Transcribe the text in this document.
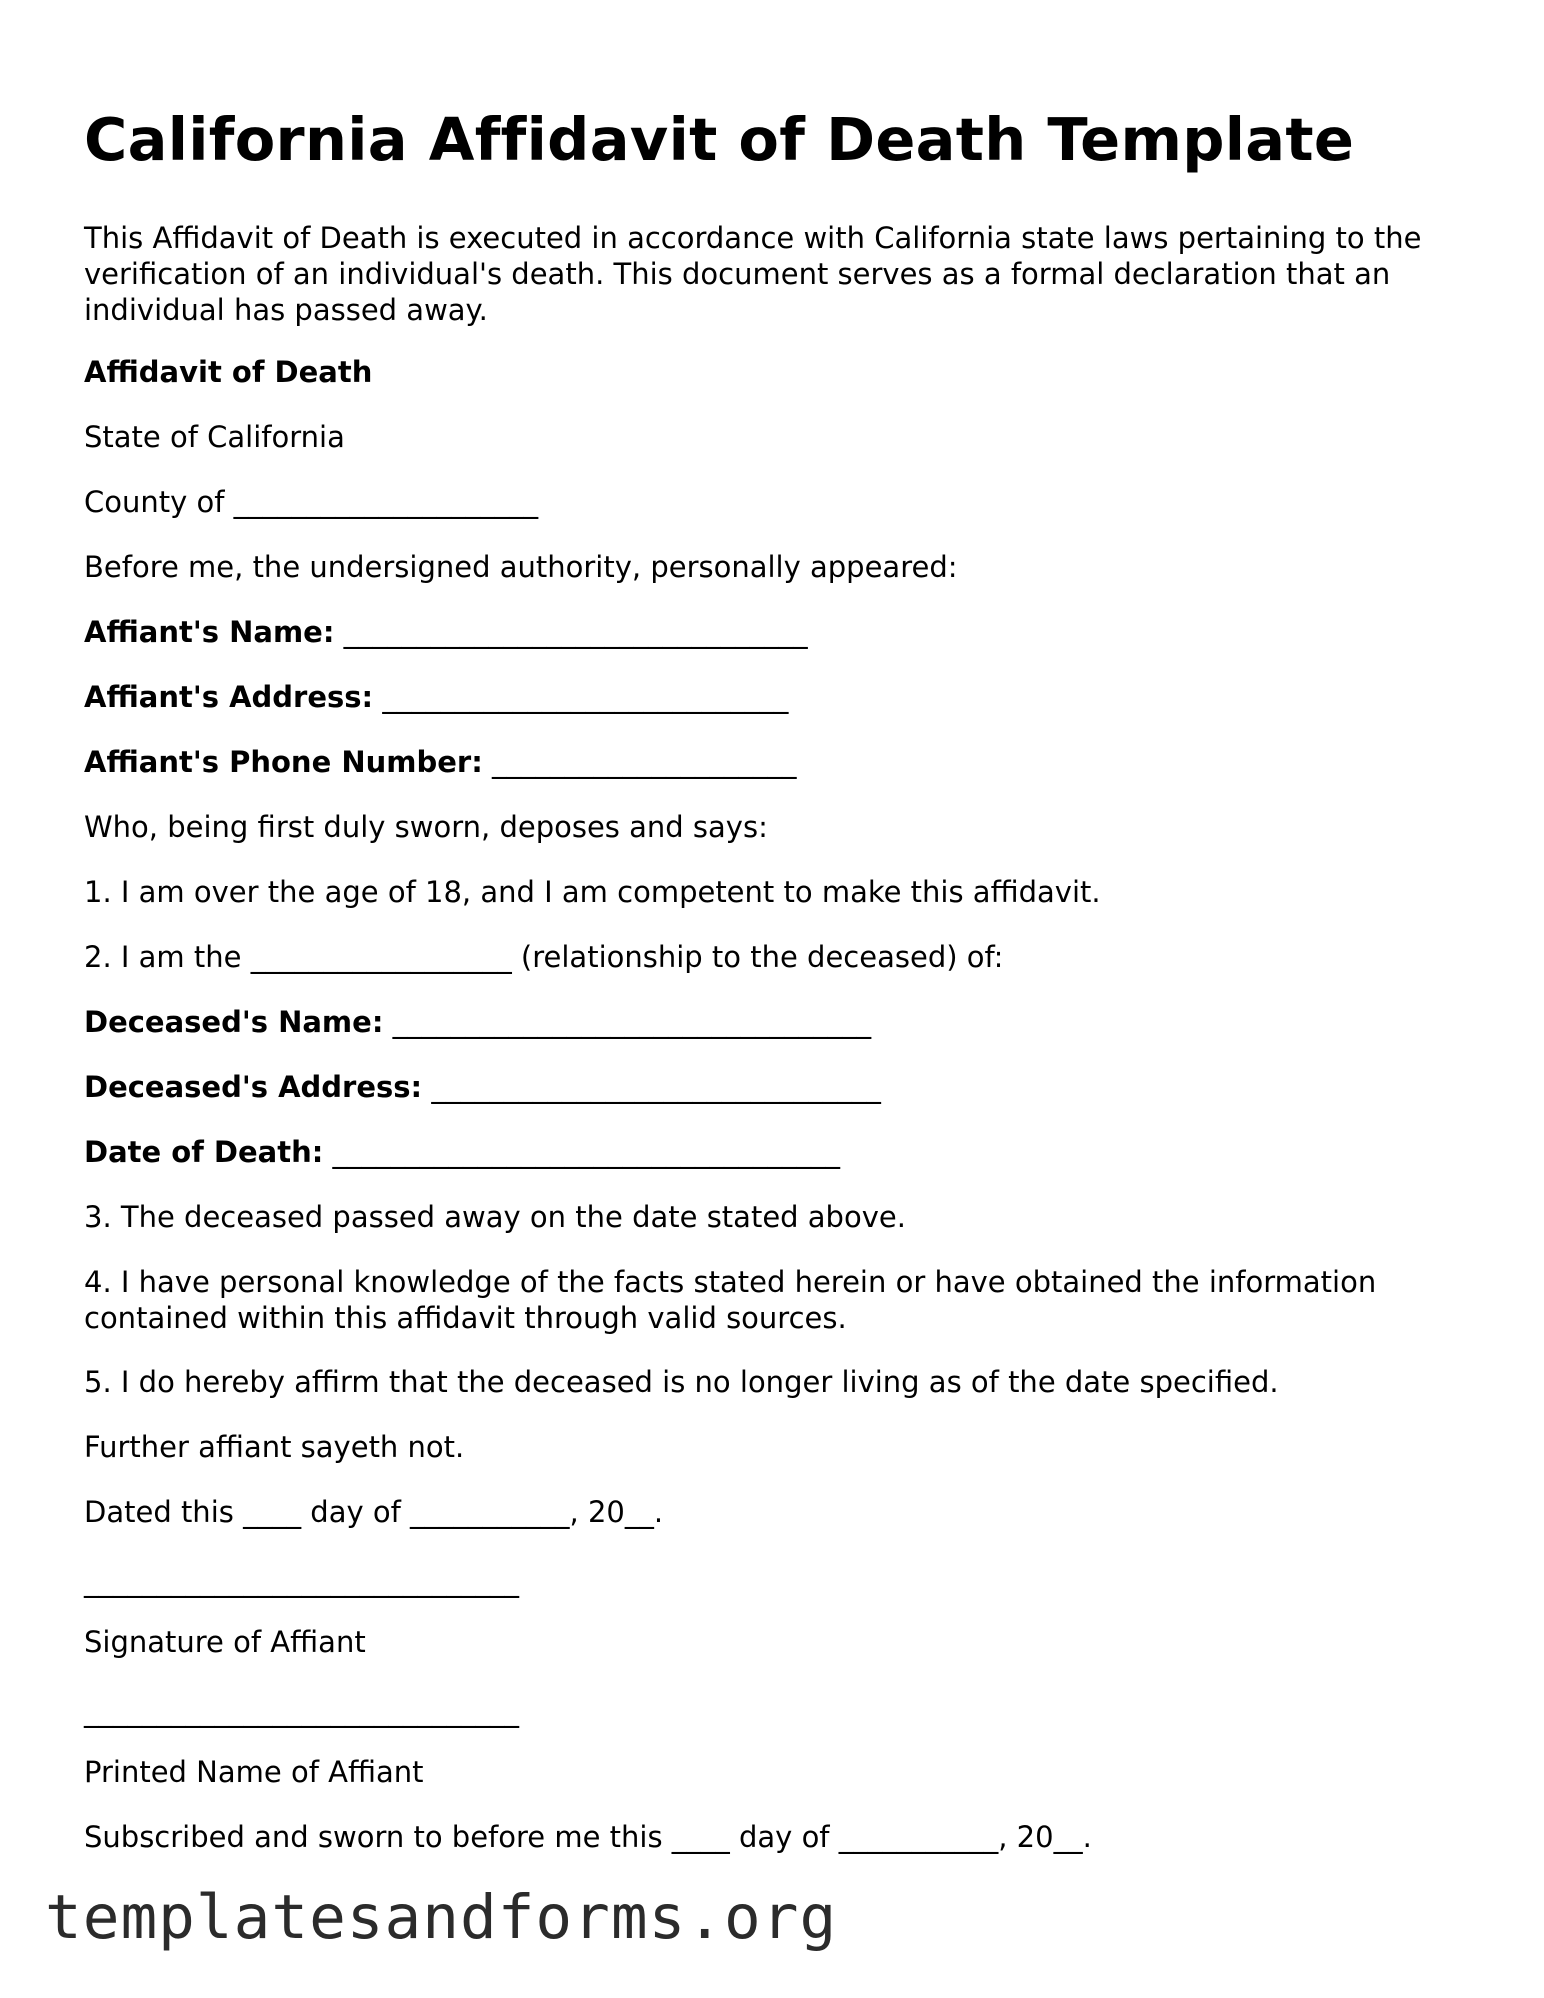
California Affidavit of Death Template

This Affidavit of Death is executed in accordance with California state laws pertaining to the verification of an individual's death. This document serves as a formal declaration that an individual has passed away.

Affidavit of Death

State of California

County of _____________________

Before me, the undersigned authority, personally appeared:

Affiant's Name: ________________________________

Affiant's Address: ____________________________

Affiant's Phone Number: _____________________

Who, being first duly sworn, deposes and says:

1. I am over the age of 18, and I am competent to make this affidavit.

2. I am the __________________ (relationship to the deceased) of:

Deceased's Name: _________________________________

Deceased's Address: _______________________________

Date of Death: ___________________________________

3. The deceased passed away on the date stated above.

4. I have personal knowledge of the facts stated herein or have obtained the information contained within this affidavit through valid sources.

5. I do hereby affirm that the deceased is no longer living as of the date specified.

Further affiant sayeth not.

Dated this ____ day of ___________, 20__.

______________________________

Signature of Affiant

______________________________

Printed Name of Affiant

Subscribed and sworn to before me this ____ day of ___________, 20__.

templatesandforms.org
